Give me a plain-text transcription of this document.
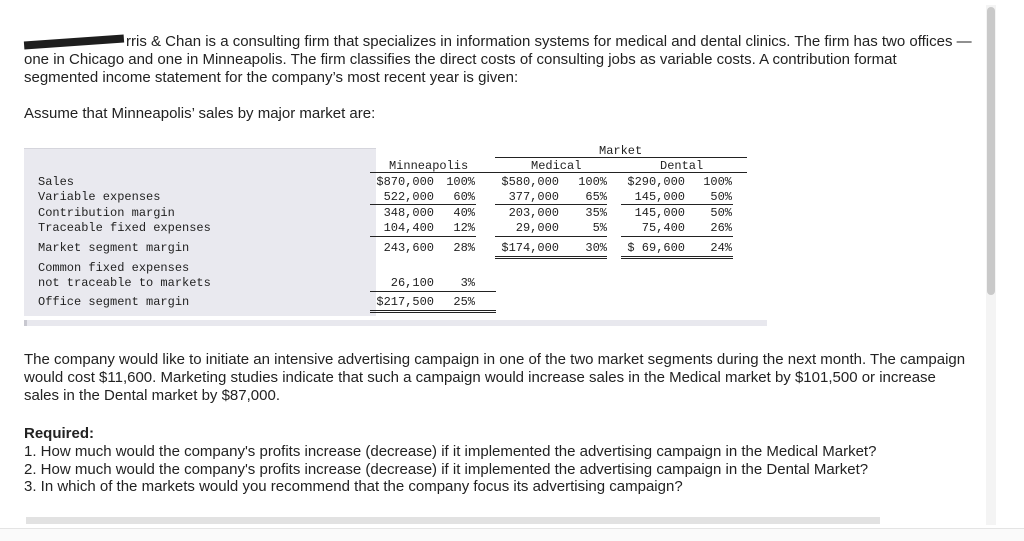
rris & Chan is a consulting firm that specializes in information systems for medical and dental clinics. The firm has two offices —one in Chicago and one in Minneapolis. The firm classifies the direct costs of consulting jobs as variable costs. A contribution format segmented income statement for the company’s most recent year is given:

Assume that Minneapolis’ sales by major market are:

Market
Minneapolis	Medical	Dental
Sales	$870,000	100%	$580,000	100%	$290,000	100%
Variable expenses	522,000	60%	377,000	65%	145,000	50%
Contribution margin	348,000	40%	203,000	35%	145,000	50%
Traceable fixed expenses	104,400	12%	29,000	5%	75,400	26%
Market segment margin	243,600	28%	$174,000	30%	$ 69,600	24%
Common fixed expenses
not traceable to markets	26,100	3%
Office segment margin	$217,500	25%

The company would like to initiate an intensive advertising campaign in one of the two market segments during the next month. The campaign would cost $11,600. Marketing studies indicate that such a campaign would increase sales in the Medical market by $101,500 or increase sales in the Dental market by $87,000.

Required:

1. How much would the company's profits increase (decrease) if it implemented the advertising campaign in the Medical Market?
2. How much would the company's profits increase (decrease) if it implemented the advertising campaign in the Dental Market?
3. In which of the markets would you recommend that the company focus its advertising campaign?
